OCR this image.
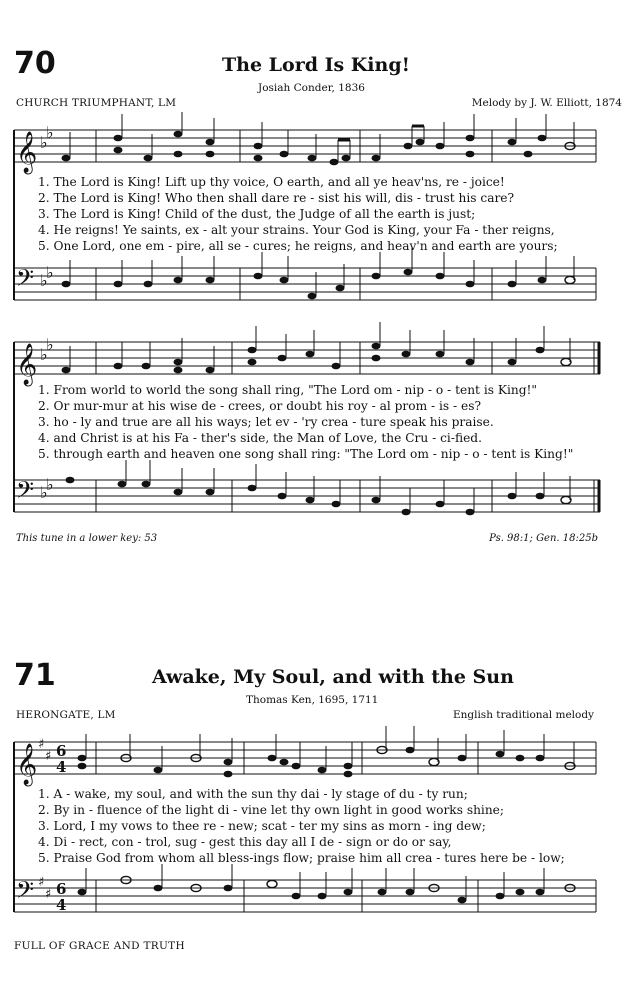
70	The Lord Is King!
Josiah Conder, 1836
CHURCH TRIUMPHANT, LM	Melody by J. W. Elliott, 1874
𝄞
𝄢
♭
♭
♭
♭
1. The Lord is King! Lift up thy voice, O earth, and all ye heav'ns, re - joice!
2. The Lord is King! Who then shall dare re - sist his will, dis - trust his care?
3. The Lord is King! Child of the dust, the Judge of all the earth is just;
4. He reigns! Ye saints, ex - alt your strains. Your God is King, your Fa - ther reigns,
5. One Lord, one em - pire, all se - cures; he reigns, and heav'n and earth are yours;
𝄞
𝄢
♭
♭
♭
♭
1. From world to world the song shall ring, "The Lord om - nip - o - tent is King!"
2. Or mur-mur at his wise de - crees, or doubt his roy - al prom - is - es?
3. ho - ly and true are all his ways; let ev - 'ry crea - ture speak his praise.
4. and Christ is at his Fa - ther's side, the Man of Love, the Cru - ci-fied.
5. through earth and heaven one song shall ring: "The Lord om - nip - o - tent is King!"
This tune in a lower key: 53	Ps. 98:1; Gen. 18:25b
71	Awake, My Soul, and with the Sun
Thomas Ken, 1695, 1711
HERONGATE, LM	English traditional melody
𝄞
𝄢
♯
♯
♯
♯
6
4
6
4
1. A - wake, my soul, and with the sun thy dai - ly stage of du - ty run;
2. By in - fluence of the light di - vine let thy own light in good works shine;
3. Lord, I my vows to thee re - new; scat - ter my sins as morn - ing dew;
4. Di - rect, con - trol, sug - gest this day all I de - sign or do or say,
5. Praise God from whom all bless-ings flow; praise him all crea - tures here be - low;
FULL OF GRACE AND TRUTH
